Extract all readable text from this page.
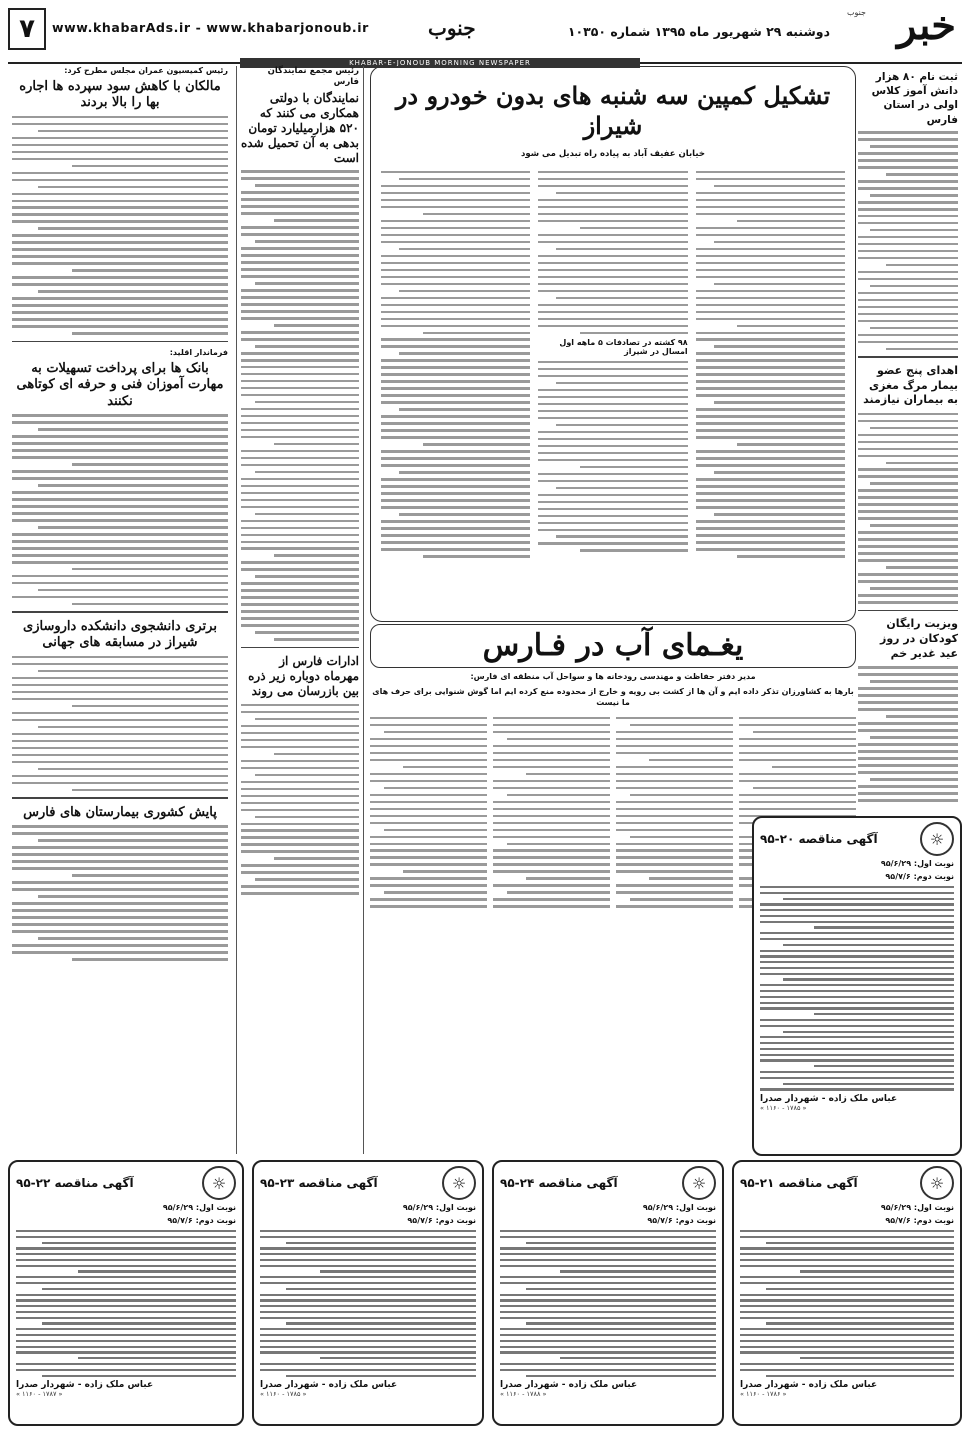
خبر
جنوب
دوشنبه ۲۹ شهریور ماه ۱۳۹۵ شماره ۱۰۳۵۰
جنوب
www.khabarAds.ir - www.khabarjonoub.ir
۷
KHABAR-E-JONOUB MORNING NEWSPAPER
ثبت نام ۸۰ هزار دانش آموز کلاس اولی در استان فارس
اهدای پنج عضو بیمار مرگ مغزی به بیماران نیازمند
ویزیت رایگان کودکان در روز عید غدیر خم
تشکیل کمپین سه شنبه های بدون خودرو در شیراز
خیابان عفیف آباد به پیاده راه تبدیل می شود
۹۸ کشته در تصادفات ۵ ماهه اول امسال در شیراز
رئیس مجمع نمایندگان فارس
نمایندگان با دولتی همکاری می کنند که ۵۲۰ هزارمیلیارد تومان بدهی به آن تحمیل شده است
ادارات فارس از مهرماه دوباره زیر ذره بین بازرسان می روند
رئیس کمیسیون عمران مجلس مطرح کرد:
مالکان با کاهش سود سپرده ها اجاره بها را بالا بردند
فرماندار اقلید:
بانک ها برای پرداخت تسهیلات به مهارت آموزان فنی و حرفه ای کوتاهی نکنند
برتری دانشجوی دانشکده داروسازی شیراز در مسابقه های جهانی
پایش کشوری بیمارستان های فارس
یغـمای آب در فـارس
مدیر دفتر حفاظت و مهندسی رودخانه ها و سواحل آب منطقه ای فارس:
بارها به کشاورزان تذکر داده ایم و آن ها از کشت بی رویه و خارج از محدوده منع کرده ایم اما گوش شنوایی برای حرف های ما نیست
☼
آگهی مناقصه ۲۰-۹۵
نوبت اول: ۹۵/۶/۲۹
نوبت دوم: ۹۵/۷/۶
عباس ملک زاده - شهردار صدرا
« ۱۱۶۰ - ۱۷۸۵ »
☼
آگهی مناقصه ۲۱-۹۵
نوبت اول: ۹۵/۶/۲۹
نوبت دوم: ۹۵/۷/۶
عباس ملک زاده - شهردار صدرا
« ۱۱۶۰ - ۱۷۸۶ »
☼
آگهی مناقصه ۲۴-۹۵
نوبت اول: ۹۵/۶/۲۹
نوبت دوم: ۹۵/۷/۶
عباس ملک زاده - شهردار صدرا
« ۱۱۶۰ - ۱۷۸۸ »
☼
آگهی مناقصه ۲۳-۹۵
نوبت اول: ۹۵/۶/۲۹
نوبت دوم: ۹۵/۷/۶
عباس ملک زاده - شهردار صدرا
« ۱۱۶۰ - ۱۷۸۵ »
☼
آگهی مناقصه ۲۲-۹۵
نوبت اول: ۹۵/۶/۲۹
نوبت دوم: ۹۵/۷/۶
عباس ملک زاده - شهردار صدرا
« ۱۱۶۰ - ۱۷۸۷ »
